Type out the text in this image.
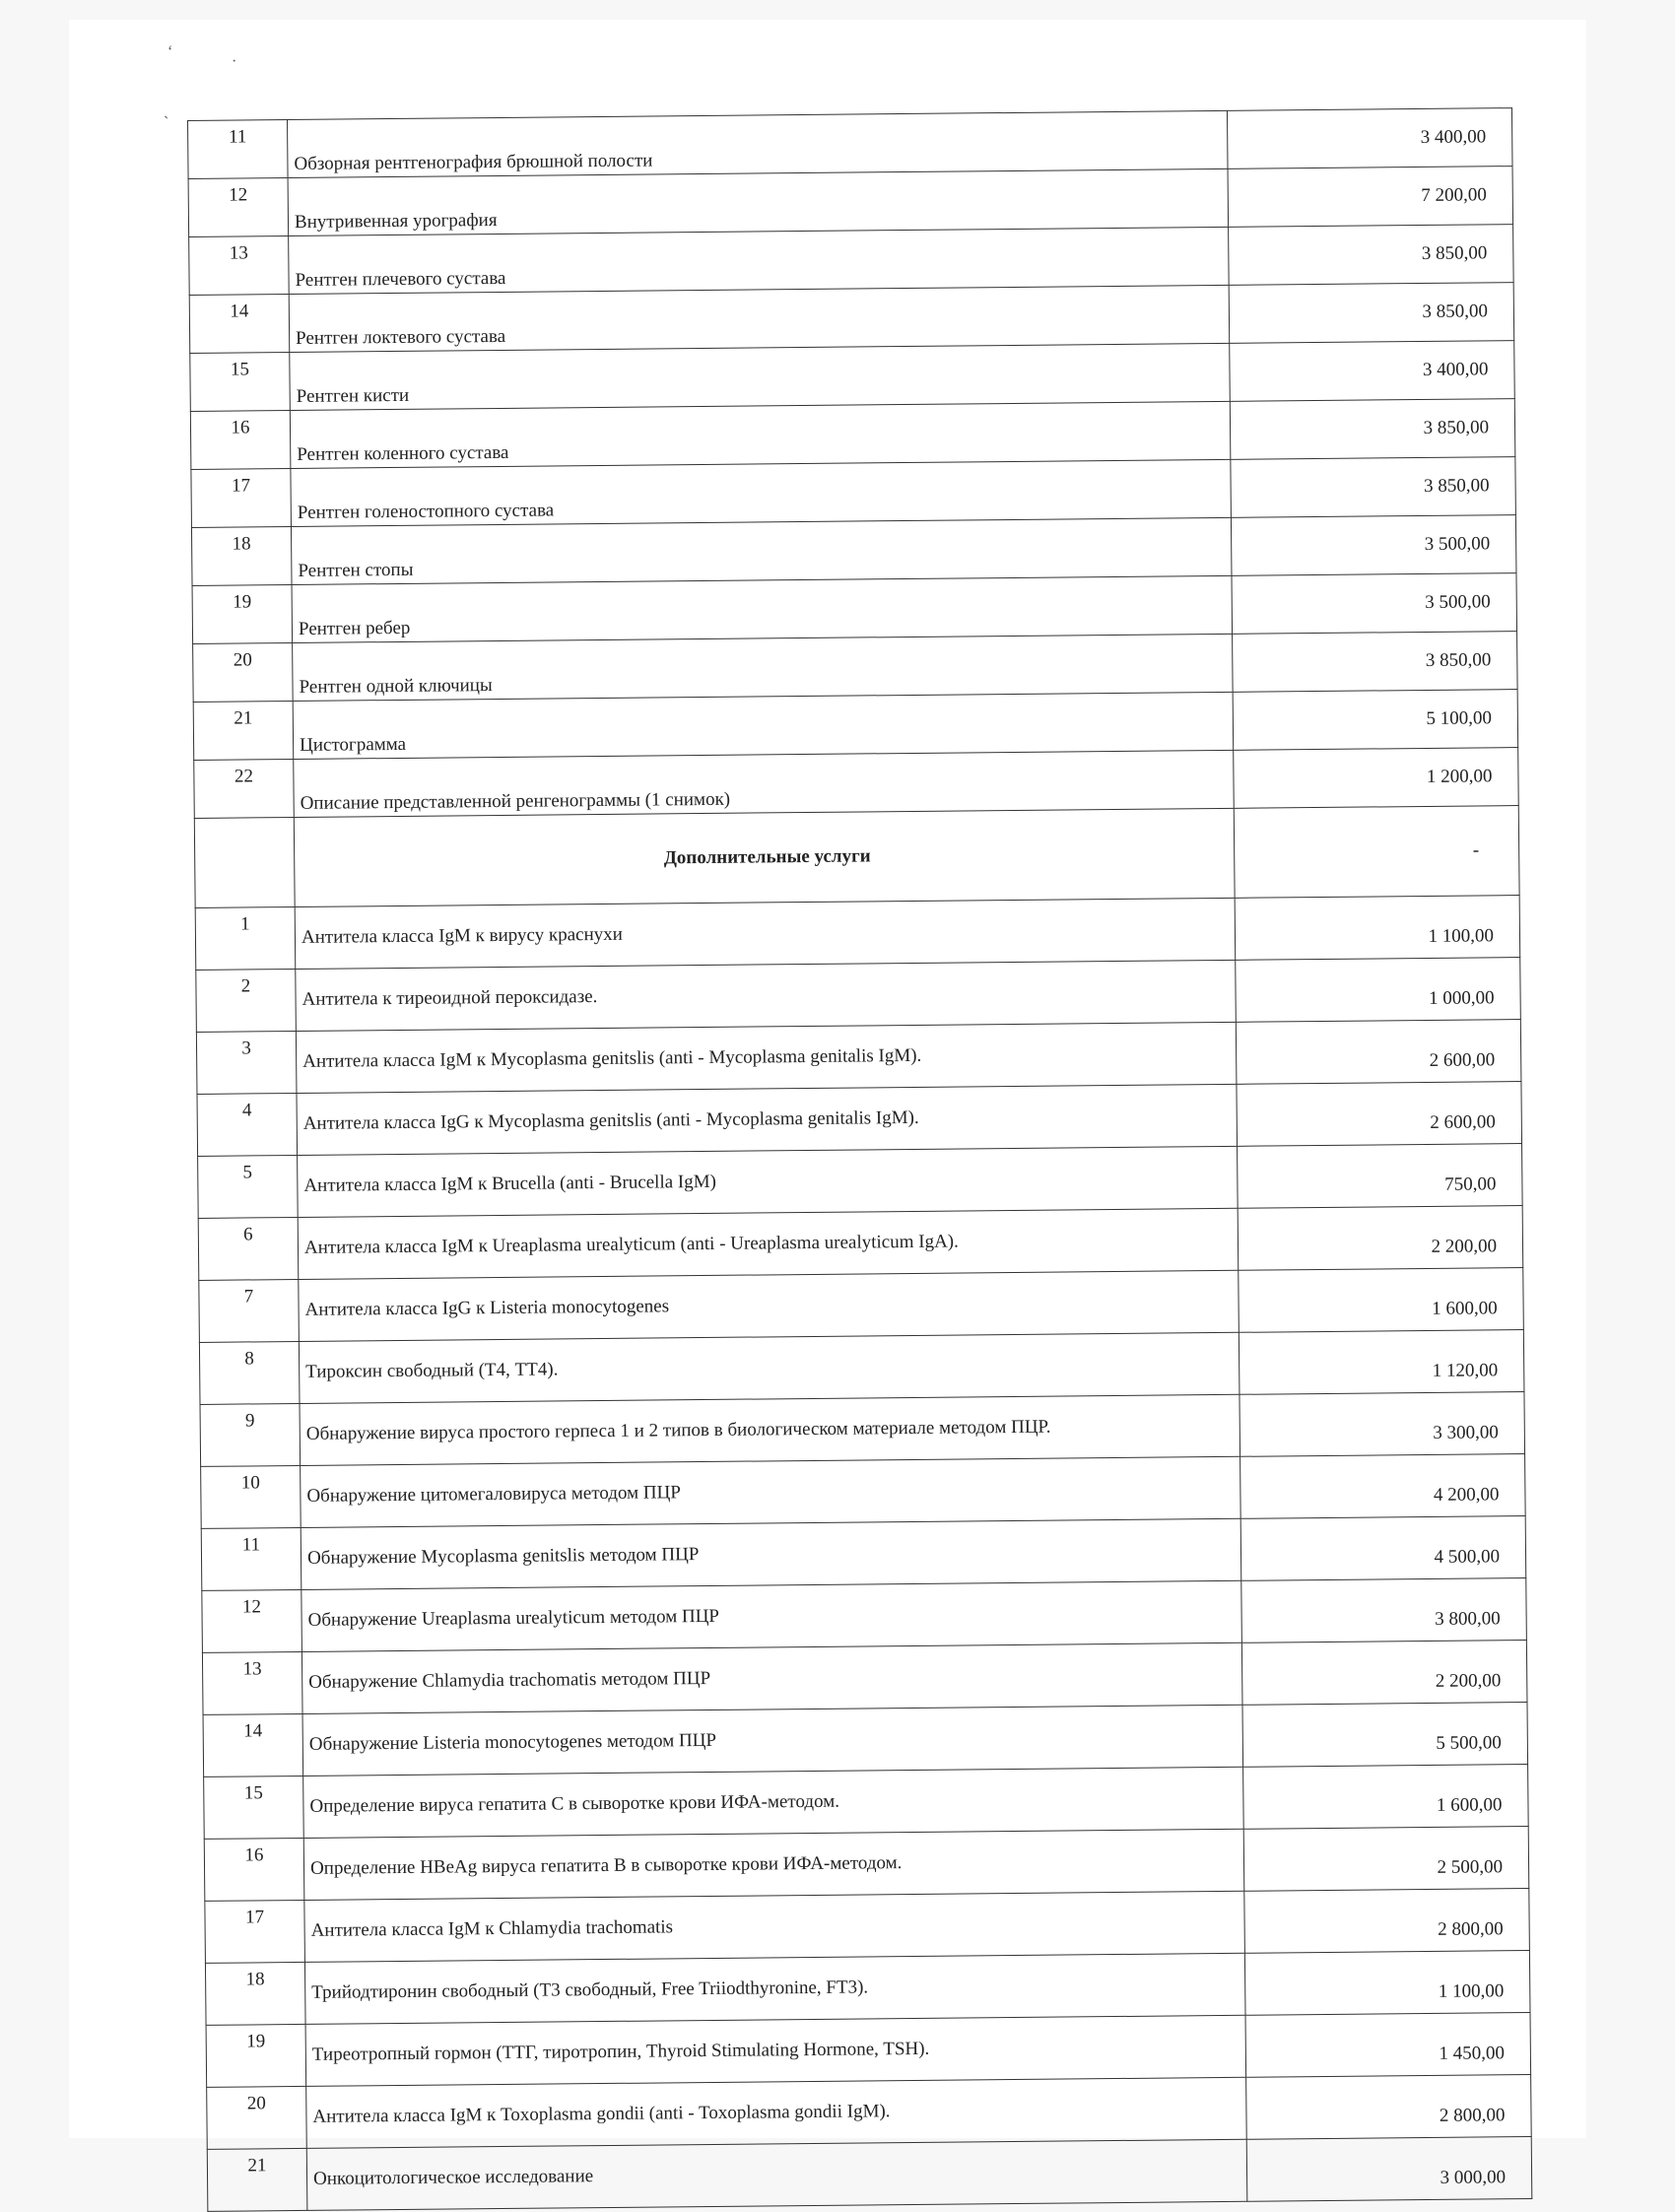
‘
·
ˋ
11	Обзорная рентгенография брюшной полости	3 400,00
12	Внутривенная урография	7 200,00
13	Рентген плечевого сустава	3 850,00
14	Рентген локтевого сустава	3 850,00
15	Рентген кисти	3 400,00
16	Рентген коленного сустава	3 850,00
17	Рентген голеностопного сустава	3 850,00
18	Рентген стопы	3 500,00
19	Рентген ребер	3 500,00
20	Рентген одной ключицы	3 850,00
21	Цистограмма	5 100,00
22	Описание представленной ренгенограммы (1 снимок)	1 200,00
	Дополнительные услуги	-
1	Антитела класса IgM к вирусу краснухи	1 100,00
2	Антитела к тиреоидной пероксидазе.	1 000,00
3	Антитела класса IgM к Mycoplasma genitslis (anti - Mycoplasma genitalis IgM).	2 600,00
4	Антитела класса IgG к Mycoplasma genitslis (anti - Mycoplasma genitalis IgM).	2 600,00
5	Антитела класса IgM к Brucella (anti - Brucella IgM)	750,00
6	Антитела класса IgM к Ureaplasma urealyticum (anti - Ureaplasma urealyticum IgA).	2 200,00
7	Антитела класса IgG к Listeria monocytogenes	1 600,00
8	Тироксин свободный (Т4, ТТ4).	1 120,00
9	Обнаружение вируса простого герпеса 1 и 2 типов в биологическом материале методом ПЦР.	3 300,00
10	Обнаружение цитомегаловируса методом ПЦР	4 200,00
11	Обнаружение Mycoplasma genitslis методом ПЦР	4 500,00
12	Обнаружение Ureaplasma urealyticum методом ПЦР	3 800,00
13	Обнаружение Chlamydia trachomatis методом ПЦР	2 200,00
14	Обнаружение Listeria monocytogenes методом ПЦР	5 500,00
15	Определение вируса гепатита С в сыворотке крови ИФА-методом.	1 600,00
16	Определение HBeAg вируса гепатита В в сыворотке крови ИФА-методом.	2 500,00
17	Антитела класса IgM к Chlamydia trachomatis	2 800,00
18	Трийодтиронин свободный (Т3 свободный, Free Triiodthyronine, FT3).	1 100,00
19	Тиреотропный гормон (ТТГ, тиротропин, Thyroid Stimulating Hormone, TSH).	1 450,00
20	Антитела класса IgM к Toxoplasma gondii (anti - Toxoplasma gondii IgM).	2 800,00
21	Онкоцитологическое исследование	3 000,00
